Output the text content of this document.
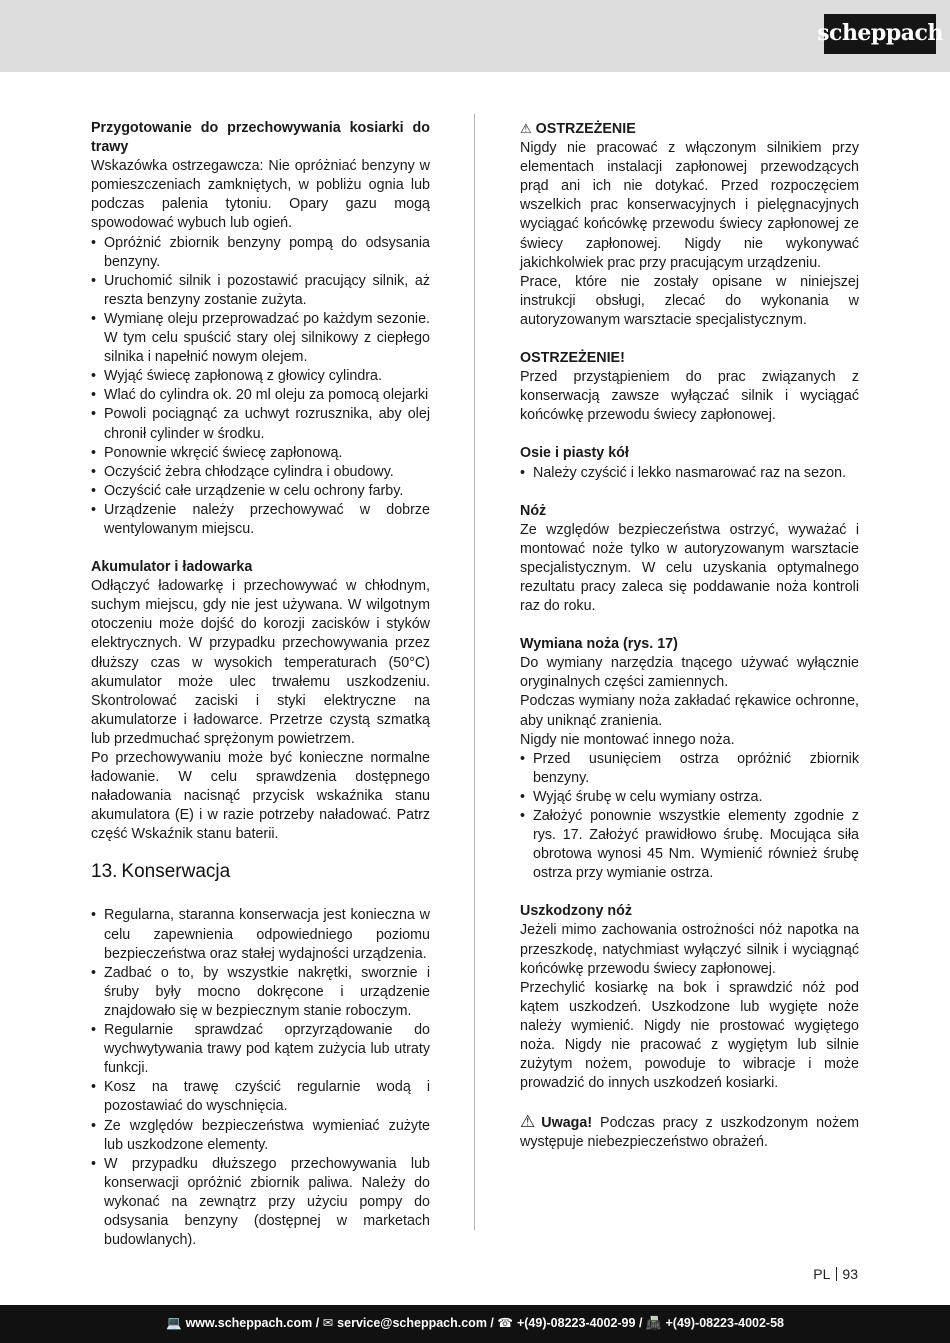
scheppach

Przygotowanie do przechowywania kosiarki do trawy

Wskazówka ostrzegawcza: Nie opróżniać benzyny w pomieszczeniach zamkniętych, w pobliżu ognia lub podczas palenia tytoniu. Opary gazu mogą spowodować wybuch lub ogień.

• Opróżnić zbiornik benzyny pompą do odsysania benzyny.
• Uruchomić silnik i pozostawić pracujący silnik, aż reszta benzyny zostanie zużyta.
• Wymianę oleju przeprowadzać po każdym sezonie. W tym celu spuścić stary olej silnikowy z ciepłego silnika i napełnić nowym olejem.
• Wyjąć świecę zapłonową z głowicy cylindra.
• Wlać do cylindra ok. 20 ml oleju za pomocą olejarki
• Powoli pociągnąć za uchwyt rozrusznika, aby olej chronił cylinder w środku.
• Ponownie wkręcić świecę zapłonową.
• Oczyścić żebra chłodzące cylindra i obudowy.
• Oczyścić całe urządzenie w celu ochrony farby.
• Urządzenie należy przechowywać w dobrze wentylowanym miejscu.

Akumulator i ładowarka

Odłączyć ładowarkę i przechowywać w chłodnym, suchym miejscu, gdy nie jest używana. W wilgotnym otoczeniu może dojść do korozji zacisków i styków elektrycznych. W przypadku przechowywania przez dłuższy czas w wysokich temperaturach (50°C) akumulator może ulec trwałemu uszkodzeniu. Skontrolować zaciski i styki elektryczne na akumulatorze i ładowarce. Przetrze czystą szmatką lub przedmuchać sprężonym powietrzem.

Po przechowywaniu może być konieczne normalne ładowanie. W celu sprawdzenia dostępnego naładowania nacisnąć przycisk wskaźnika stanu akumulatora (E) i w razie potrzeby naładować. Patrz część Wskaźnik stanu baterii.

13. Konserwacja
• Regularna, staranna konserwacja jest konieczna w celu zapewnienia odpowiedniego poziomu bezpieczeństwa oraz stałej wydajności urządzenia.
• Zadbać o to, by wszystkie nakrętki, sworznie i śruby były mocno dokręcone i urządzenie znajdowało się w bezpiecznym stanie roboczym.
• Regularnie sprawdzać oprzyrządowanie do wychwytywania trawy pod kątem zużycia lub utraty funkcji.
• Kosz na trawę czyścić regularnie wodą i pozostawiać do wyschnięcia.
• Ze względów bezpieczeństwa wymieniać zużyte lub uszkodzone elementy.
• W przypadku dłuższego przechowywania lub konserwacji opróżnić zbiornik paliwa. Należy do wykonać na zewnątrz przy użyciu pompy do odsysania benzyny (dostępnej w marketach budowlanych).

⚠ OSTRZEŻENIE

Nigdy nie pracować z włączonym silnikiem przy elementach instalacji zapłonowej przewodzących prąd ani ich nie dotykać. Przed rozpoczęciem wszelkich prac konserwacyjnych i pielęgnacyjnych wyciągać końcówkę przewodu świecy zapłonowej ze świecy zapłonowej. Nigdy nie wykonywać jakichkolwiek prac przy pracującym urządzeniu.

Prace, które nie zostały opisane w niniejszej instrukcji obsługi, zlecać do wykonania w autoryzowanym warsztacie specjalistycznym.

OSTRZEŻENIE!

Przed przystąpieniem do prac związanych z konserwacją zawsze wyłączać silnik i wyciągać końcówkę przewodu świecy zapłonowej.

Osie i piasty kół

• Należy czyścić i lekko nasmarować raz na sezon.

Nóż

Ze względów bezpieczeństwa ostrzyć, wyważać i montować noże tylko w autoryzowanym warsztacie specjalistycznym. W celu uzyskania optymalnego rezultatu pracy zaleca się poddawanie noża kontroli raz do roku.

Wymiana noża (rys. 17)

Do wymiany narzędzia tnącego używać wyłącznie oryginalnych części zamiennych.

Podczas wymiany noża zakładać rękawice ochronne, aby uniknąć zranienia.

Nigdy nie montować innego noża.

• Przed usunięciem ostrza opróżnić zbiornik benzyny.
• Wyjąć śrubę w celu wymiany ostrza.
• Założyć ponownie wszystkie elementy zgodnie z rys. 17. Założyć prawidłowo śrubę. Mocująca siła obrotowa wynosi 45 Nm. Wymienić również śrubę ostrza przy wymianie ostrza.

Uszkodzony nóż

Jeżeli mimo zachowania ostrożności nóż napotka na przeszkodę, natychmiast wyłączyć silnik i wyciągnąć końcówkę przewodu świecy zapłonowej.

Przechylić kosiarkę na bok i sprawdzić nóż pod kątem uszkodzeń. Uszkodzone lub wygięte noże należy wymienić. Nigdy nie prostować wygiętego noża. Nigdy nie pracować z wygiętym lub silnie zużytym nożem, powoduje to wibracje i może prowadzić do innych uszkodzeń kosiarki.

⚠ Uwaga! Podczas pracy z uszkodzonym nożem występuje niebezpieczeństwo obrażeń.

PL 93
💻 www.scheppach.com
/
✉ service@scheppach.com
/
☎ +(49)-08223-4002-99
/
📠 +(49)-08223-4002-58
